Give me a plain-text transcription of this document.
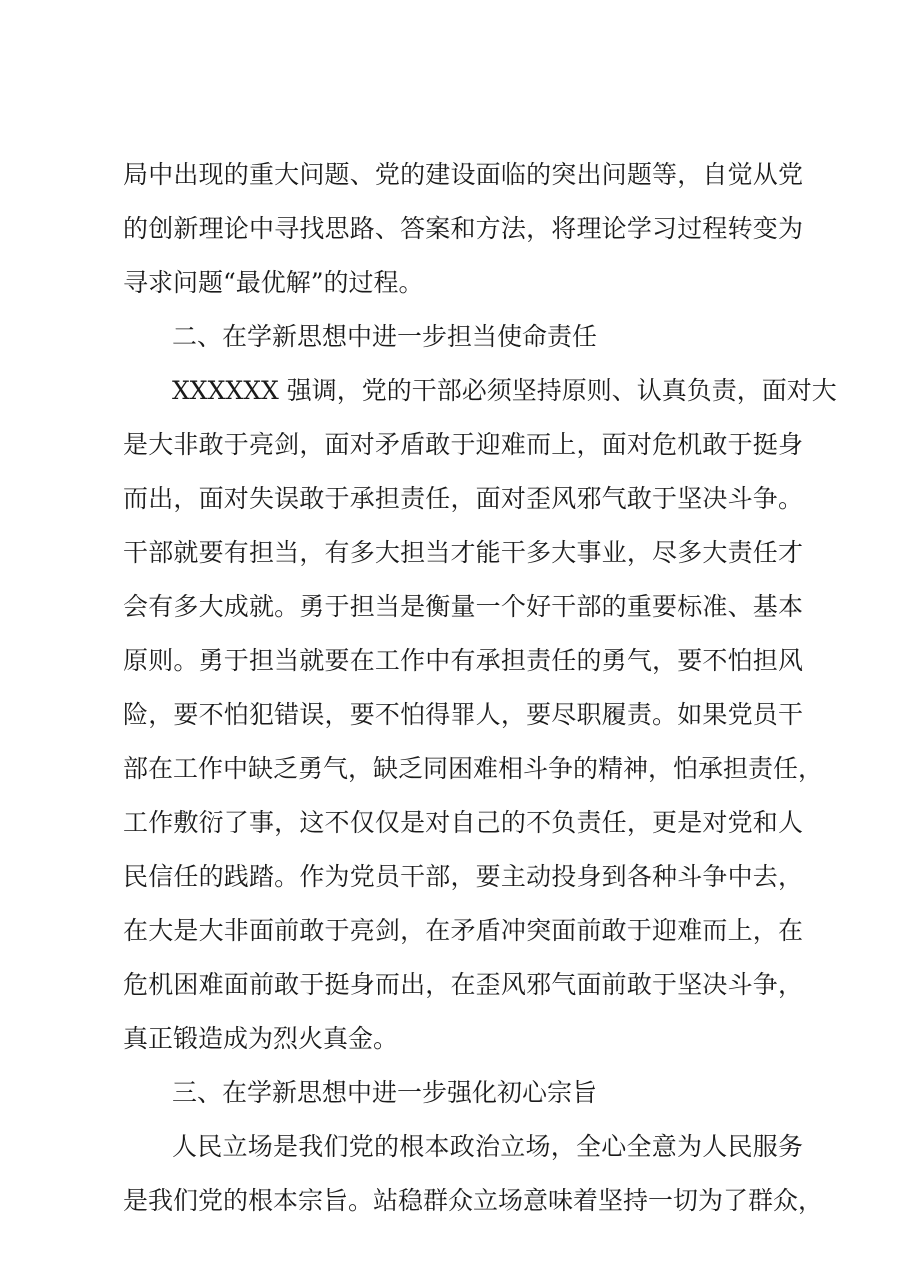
局中出现的重大问题、党的建设面临的突出问题等，自觉从党
的创新理论中寻找思路、答案和方法，将理论学习过程转变为
寻求问题“最优解”的过程。
二、在学新思想中进一步担当使命责任
XXXXXX 强调，党的干部必须坚持原则、认真负责，面对大
是大非敢于亮剑，面对矛盾敢于迎难而上，面对危机敢于挺身
而出，面对失误敢于承担责任，面对歪风邪气敢于坚决斗争。
干部就要有担当，有多大担当才能干多大事业，尽多大责任才
会有多大成就。勇于担当是衡量一个好干部的重要标准、基本
原则。勇于担当就要在工作中有承担责任的勇气，要不怕担风
险，要不怕犯错误，要不怕得罪人，要尽职履责。如果党员干
部在工作中缺乏勇气，缺乏同困难相斗争的精神，怕承担责任，
工作敷衍了事，这不仅仅是对自己的不负责任，更是对党和人
民信任的践踏。作为党员干部，要主动投身到各种斗争中去，
在大是大非面前敢于亮剑，在矛盾冲突面前敢于迎难而上，在
危机困难面前敢于挺身而出，在歪风邪气面前敢于坚决斗争，
真正锻造成为烈火真金。
三、在学新思想中进一步强化初心宗旨
人民立场是我们党的根本政治立场，全心全意为人民服务
是我们党的根本宗旨。站稳群众立场意味着坚持一切为了群众，
